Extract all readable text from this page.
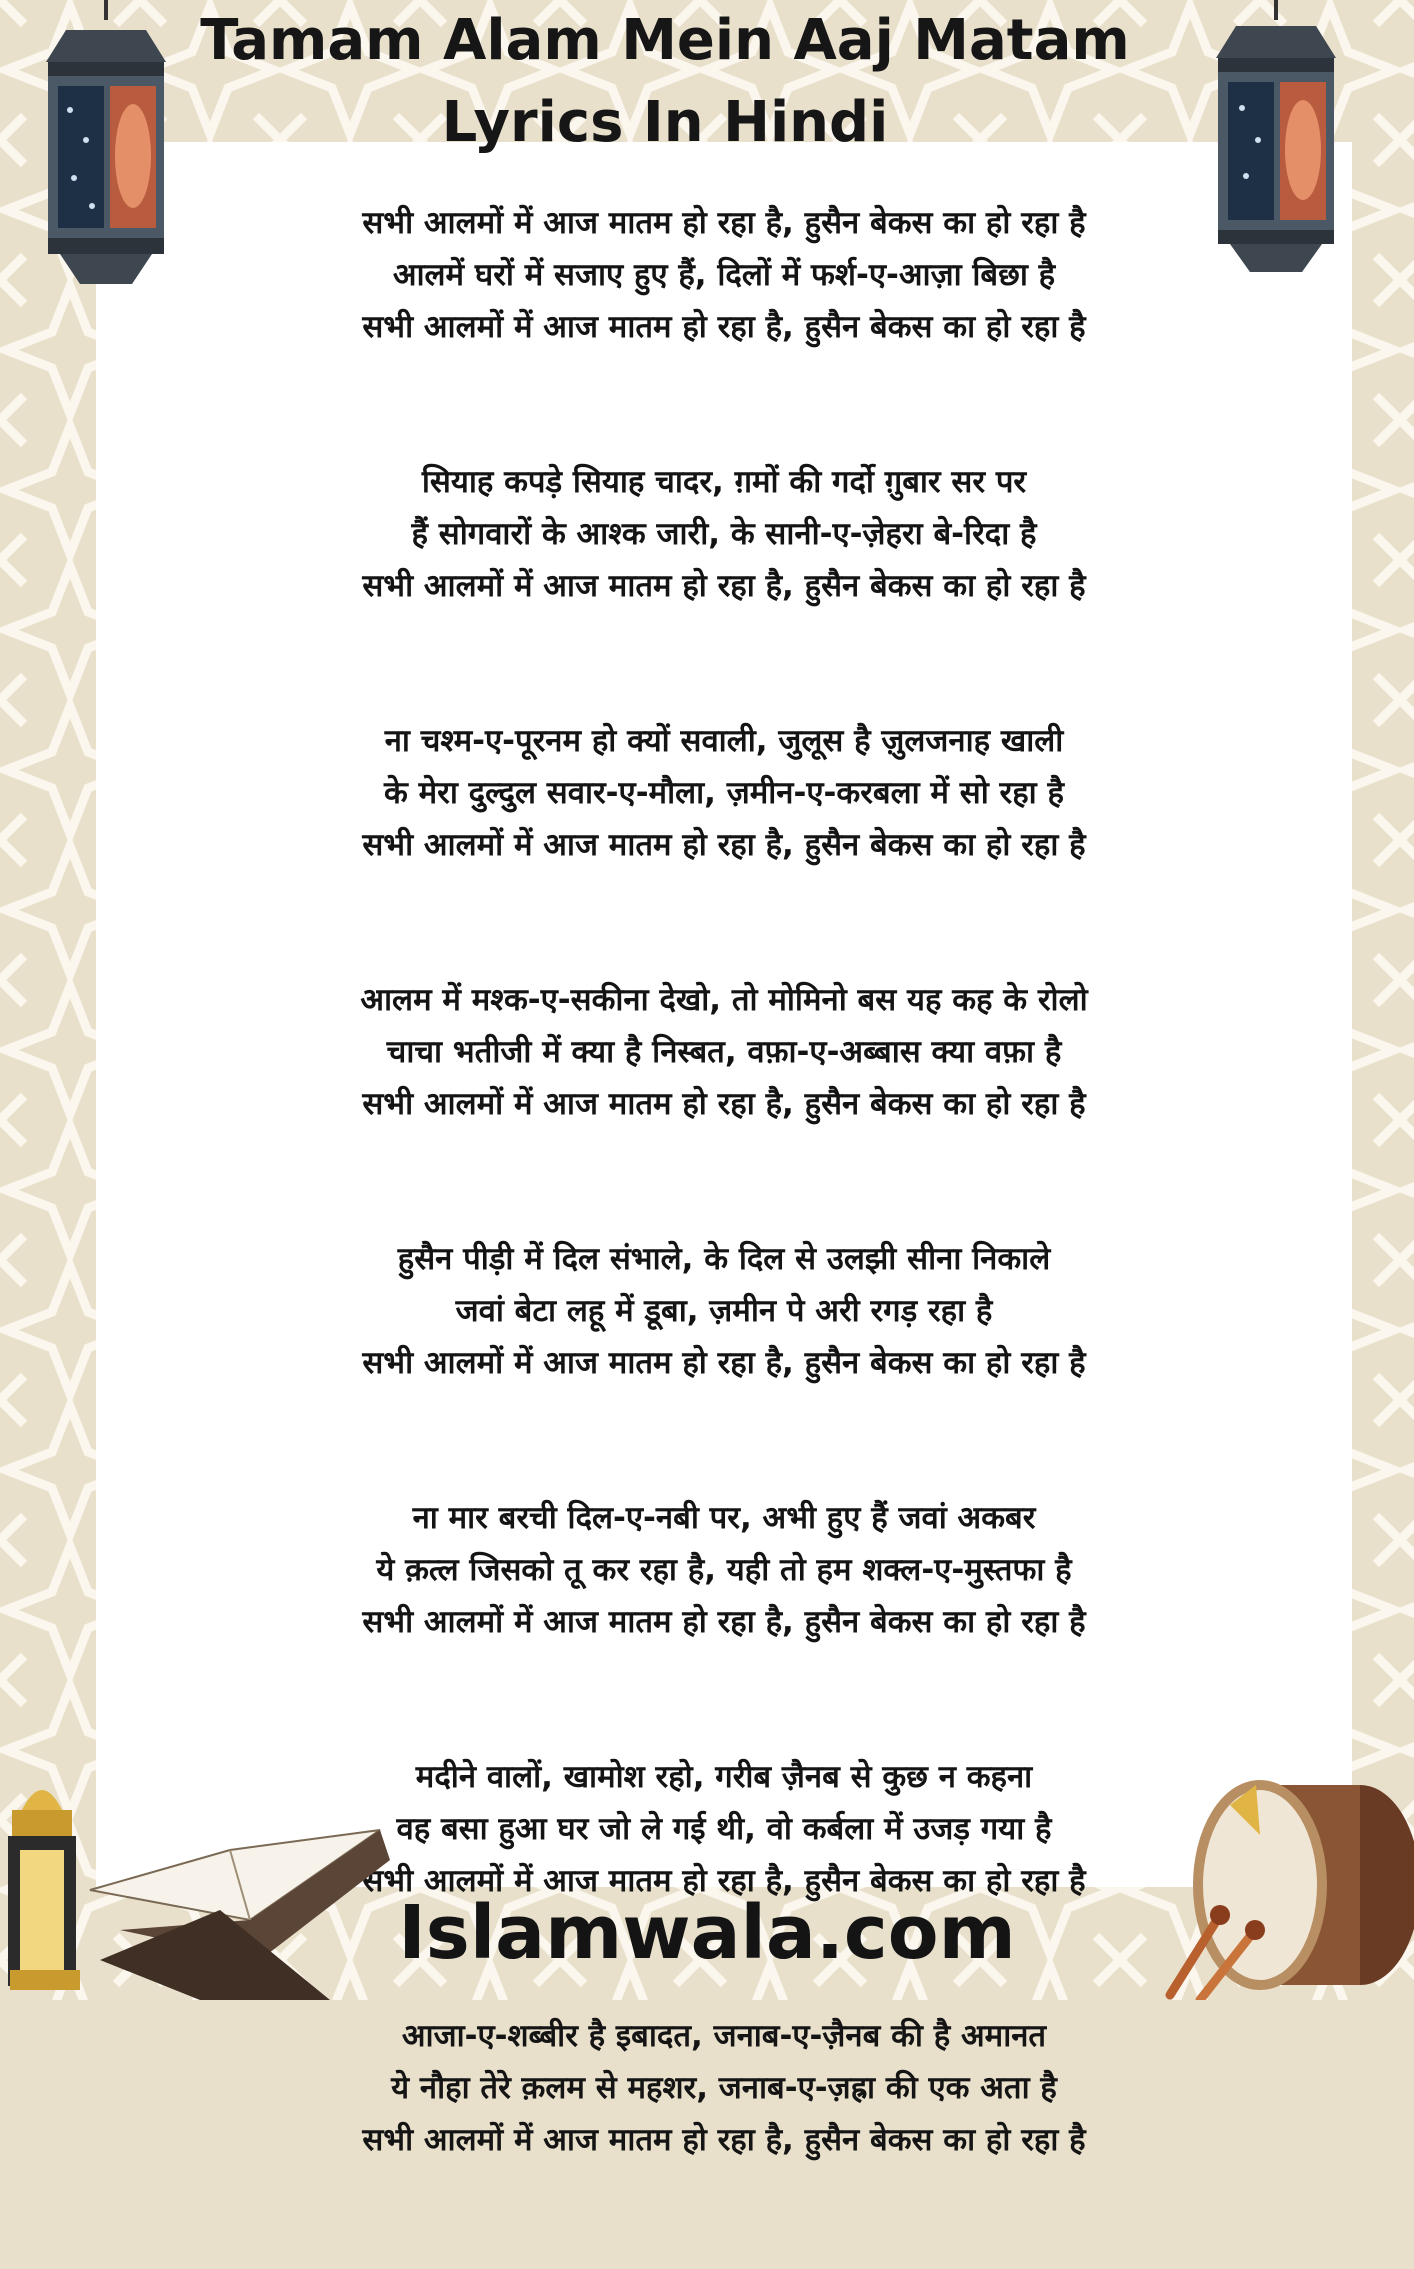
Tamam Alam Mein Aaj Matam
Lyrics In Hindi
सभी आलमों में आज मातम हो रहा है, हुसैन बेकस का हो रहा है
आलमें घरों में सजाए हुए हैं, दिलों में फर्श-ए-आज़ा बिछा है
सभी आलमों में आज मातम हो रहा है, हुसैन बेकस का हो रहा है
सियाह कपड़े सियाह चादर, ग़मों की गर्दो ग़ुबार सर पर
हैं सोगवारों के आश्क जारी, के सानी-ए-ज़ेहरा बे-रिदा है
सभी आलमों में आज मातम हो रहा है, हुसैन बेकस का हो रहा है
ना चश्म-ए-पूरनम हो क्यों सवाली, जुलूस है ज़ुलजनाह खाली
के मेरा दुल्दुल सवार-ए-मौला, ज़मीन-ए-करबला में सो रहा है
सभी आलमों में आज मातम हो रहा है, हुसैन बेकस का हो रहा है
आलम में मश्क-ए-सकीना देखो, तो मोमिनो बस यह कह के रोलो
चाचा भतीजी में क्या है निस्बत, वफ़ा-ए-अब्बास क्या वफ़ा है
सभी आलमों में आज मातम हो रहा है, हुसैन बेकस का हो रहा है
हुसैन पीड़ी में दिल संभाले, के दिल से उलझी सीना निकाले
जवां बेटा लहू में डूबा, ज़मीन पे अरी रगड़ रहा है
सभी आलमों में आज मातम हो रहा है, हुसैन बेकस का हो रहा है
ना मार बरची दिल-ए-नबी पर, अभी हुए हैं जवां अकबर
ये क़त्ल जिसको तू कर रहा है, यही तो हम शक्ल-ए-मुस्तफा है
सभी आलमों में आज मातम हो रहा है, हुसैन बेकस का हो रहा है
मदीने वालों, खामोश रहो, गरीब ज़ैनब से कुछ न कहना
वह बसा हुआ घर जो ले गई थी, वो कर्बला में उजड़ गया है
सभी आलमों में आज मातम हो रहा है, हुसैन बेकस का हो रहा है
आजा-ए-शब्बीर है इबादत, जनाब-ए-ज़ैनब की है अमानत
ये नौहा तेरे क़लम से महशर, जनाब-ए-ज़ह्रा की एक अता है
सभी आलमों में आज मातम हो रहा है, हुसैन बेकस का हो रहा है
Islamwala.com
